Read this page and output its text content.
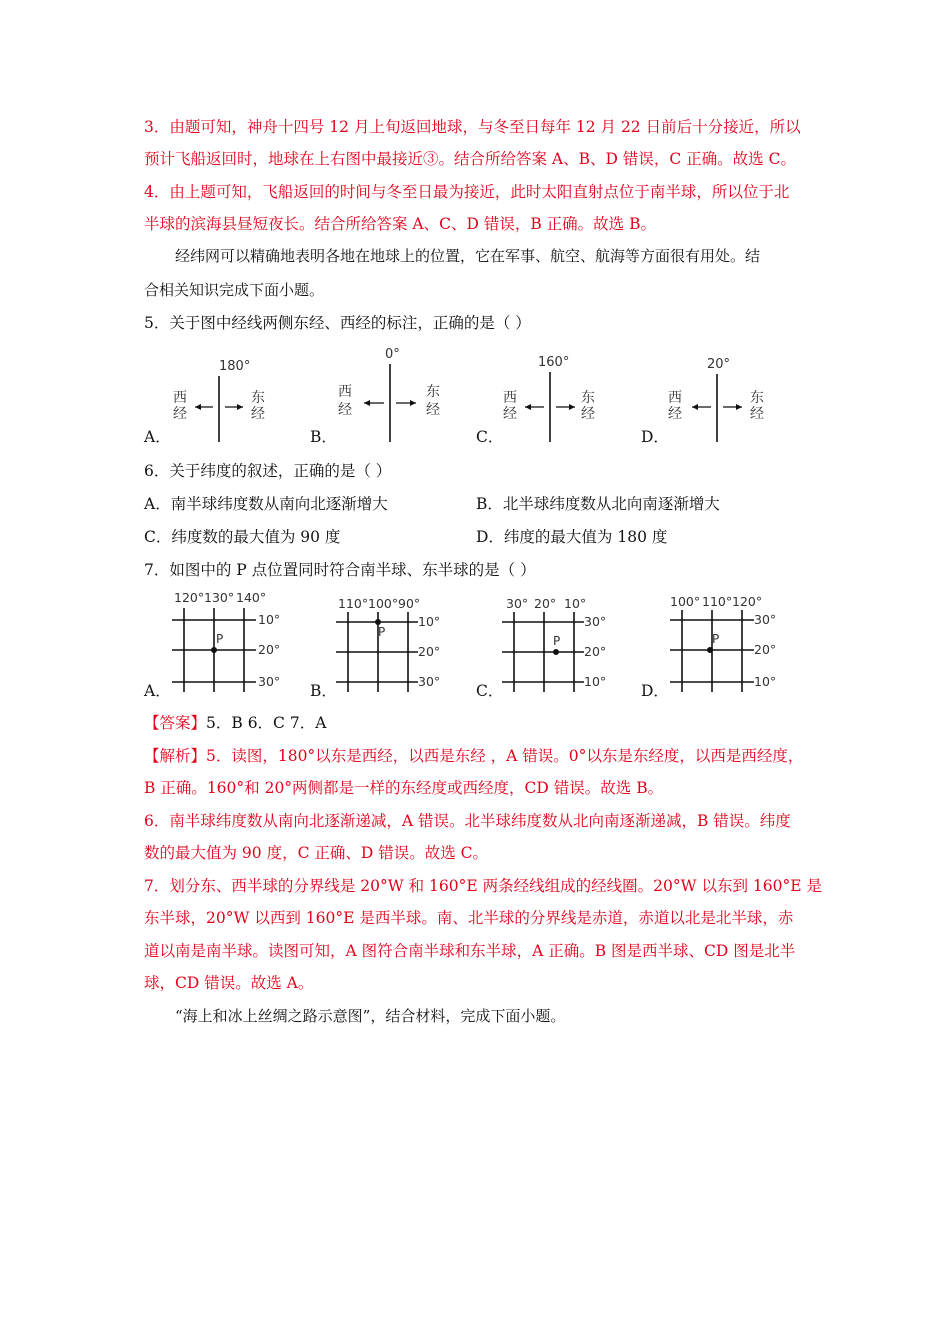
3．由题可知，神舟十四号 12 月上旬返回地球，与冬至日每年 12 月 22 日前后十分接近，所以
预计飞船返回时，地球在上右图中最接近③。结合所给答案 A、B、D 错误，C 正确。故选 C。
4．由上题可知，飞船返回的时间与冬至日最为接近，此时太阳直射点位于南半球，所以位于北
半球的滨海县昼短夜长。结合所给答案 A、C、D 错误，B 正确。故选 B。
经纬网可以精确地表明各地在地球上的位置，它在军事、航空、航海等方面很有用处。结
合相关知识完成下面小题。
5．关于图中经线两侧东经、西经的标注，正确的是（ ）
A．
180°
西
经
东
经
B．
0°
西
经
东
经
C．
160°
西
经
东
经
D．
20°
西
经
东
经
6．关于纬度的叙述，正确的是（ ）
A．南半球纬度数从南向北逐渐增大	B．北半球纬度数从北向南逐渐增大
C．纬度数的最大值为 90 度	D．纬度的最大值为 180 度
7．如图中的 P 点位置同时符合南半球、东半球的是（ ）
A．
120° 130° 140°
10°
20°
30°
P
B．
110° 100° 90°
10°
20°
30°
P
C．
30° 20° 10°
30°
20°
10°
P
D．
100° 110° 120°
30°
20°
10°
P
【答案】5．B 6．C 7．A
【解析】5．读图，180°以东是西经，以西是东经 ，A 错误。0°以东是东经度，以西是西经度，
B 正确。160°和 20°两侧都是一样的东经度或西经度，CD 错误。故选 B。
6．南半球纬度数从南向北逐渐递减，A 错误。北半球纬度数从北向南逐渐递减，B 错误。纬度
数的最大值为 90 度，C 正确、D 错误。故选 C。
7．划分东、西半球的分界线是 20°W 和 160°E 两条经线组成的经线圈。20°W 以东到 160°E 是
东半球，20°W 以西到 160°E 是西半球。南、北半球的分界线是赤道，赤道以北是北半球，赤
道以南是南半球。读图可知，A 图符合南半球和东半球，A 正确。B 图是西半球、CD 图是北半
球，CD 错误。故选 A。
“海上和冰上丝绸之路示意图”，结合材料，完成下面小题。
